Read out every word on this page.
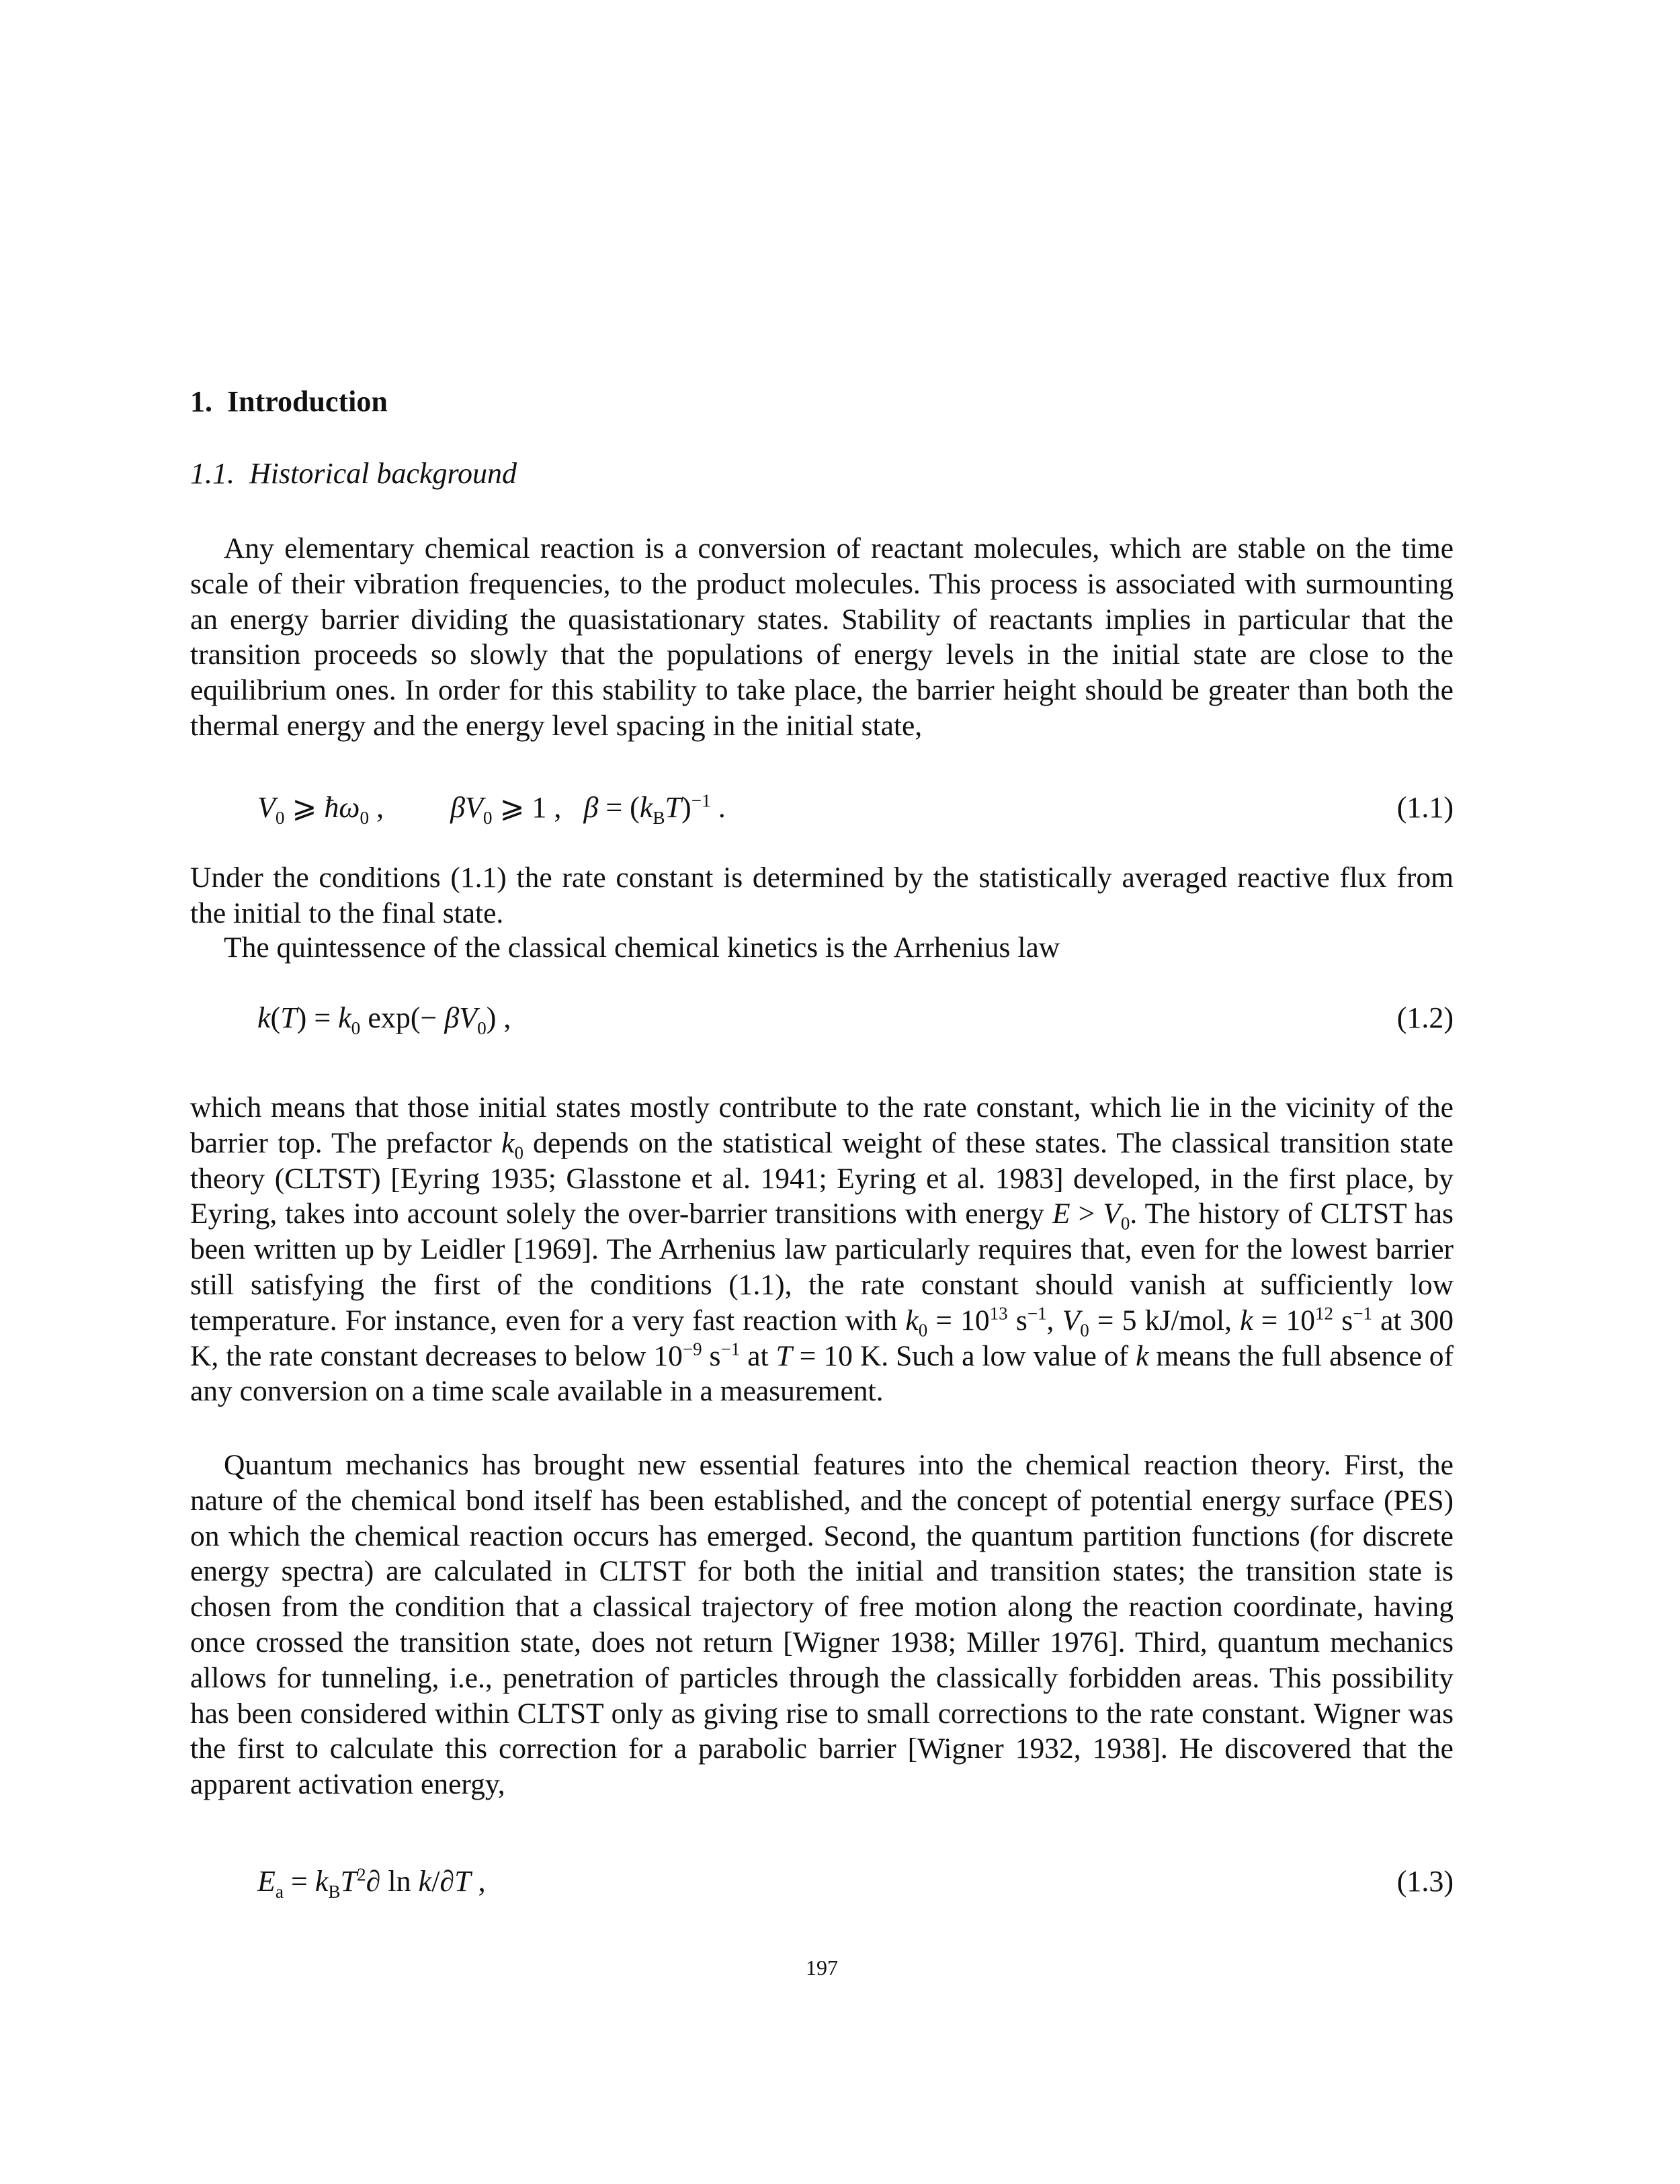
1. Introduction
1.1. Historical background

Any elementary chemical reaction is a conversion of reactant molecules, which are stable on the time scale of their vibration frequencies, to the product molecules. This process is associated with surmounting an energy barrier dividing the quasistationary states. Stability of reactants implies in particular that the transition proceeds so slowly that the populations of energy levels in the initial state are close to the equilibrium ones. In order for this stability to take place, the barrier height should be greater than both the thermal energy and the energy level spacing in the initial state,

$V_0$ ⩾ $ħ\omega_0$ ,         $\beta V_0$ ⩾ 1 ,   $\beta = (k_BT)^{-1}$ .	(1.1)

Under the conditions (1.1) the rate constant is determined by the statistically averaged reactive flux from the initial to the final state.

The quintessence of the classical chemical kinetics is the Arrhenius law

$k(T) = k_0$ $\exp(- \beta V_0)$ ,	(1.2)

which means that those initial states mostly contribute to the rate constant, which lie in the vicinity of the barrier top. The prefactor $k_0$ depends on the statistical weight of these states. The classical transition state theory (CLTST) [Eyring 1935; Glasstone et al. 1941; Eyring et al. 1983] developed, in the first place, by Eyring, takes into account solely the over-barrier transitions with energy $E > V_0$. The history of CLTST has been written up by Leidler [1969]. The Arrhenius law particularly requires that, even for the lowest barrier still satisfying the first of the conditions (1.1), the rate constant should vanish at sufficiently low temperature. For instance, even for a very fast reaction with $k_0 = 10^{13}$ $s^{-1}$, $V_0 = 5$ kJ/mol, $k = 10^{12}$ $s^{-1}$ at 300 K, the rate constant decreases to below $10^{-9}$ $s^{-1}$ at T = 10 K. Such a low value of k means the full absence of any conversion on a time scale available in a measurement.

Quantum mechanics has brought new essential features into the chemical reaction theory. First, the nature of the chemical bond itself has been established, and the concept of potential energy surface (PES) on which the chemical reaction occurs has emerged. Second, the quantum partition functions (for discrete energy spectra) are calculated in CLTST for both the initial and transition states; the transition state is chosen from the condition that a classical trajectory of free motion along the reaction coordinate, having once crossed the transition state, does not return [Wigner 1938; Miller 1976]. Third, quantum mechanics allows for tunneling, i.e., penetration of particles through the classically forbidden areas. This possibility has been considered within CLTST only as giving rise to small corrections to the rate constant. Wigner was the first to calculate this correction for a parabolic barrier [Wigner 1932, 1938]. He discovered that the apparent activation energy,

$E_a = k_BT^2\partial$ ln k/∂T ,	(1.3)
197
